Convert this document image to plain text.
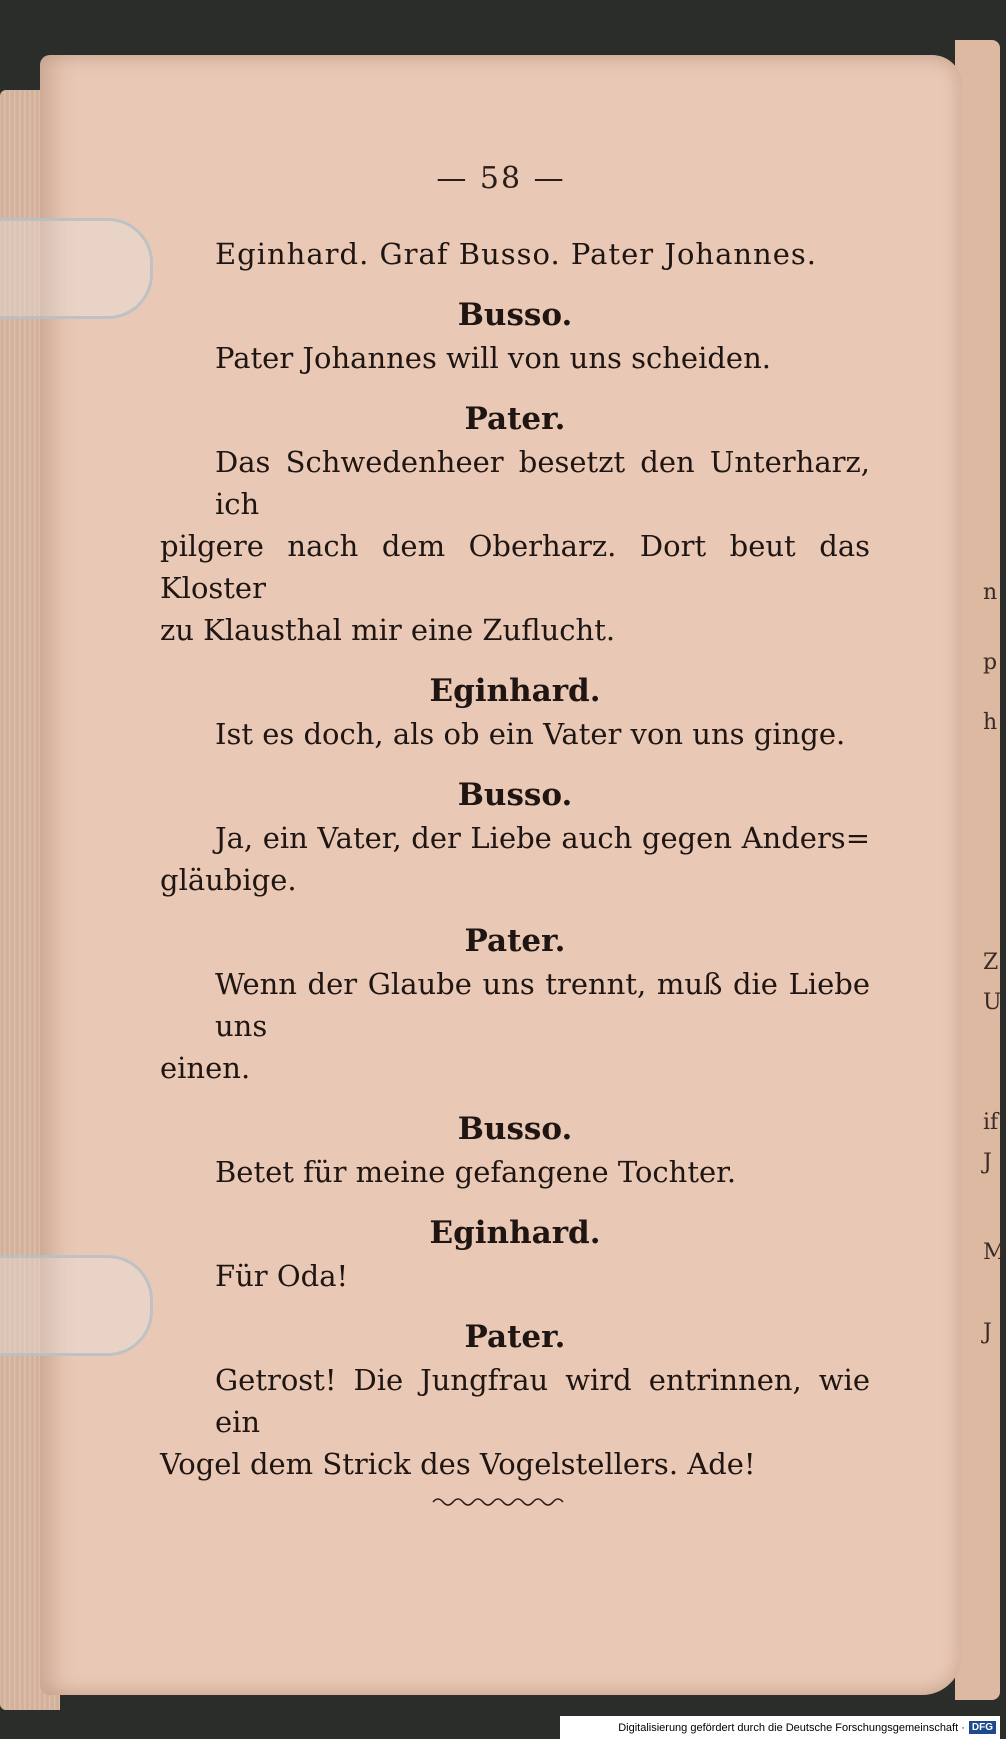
n
p
h
Z
U
if
J
M
J
— 58 —
Eginhard. Graf Busso. Pater Johannes.
Busso.
Pater Johannes will von uns scheiden.
Pater.
Das Schwedenheer besetzt den Unterharz, ich
pilgere nach dem Oberharz. Dort beut das Kloster
zu Klausthal mir eine Zuflucht.
Eginhard.
Ist es doch, als ob ein Vater von uns ginge.
Busso.
Ja, ein Vater, der Liebe auch gegen Anders=
gläubige.
Pater.
Wenn der Glaube uns trennt, muß die Liebe uns
einen.
Busso.
Betet für meine gefangene Tochter.
Eginhard.
Für Oda!
Pater.
Getrost! Die Jungfrau wird entrinnen, wie ein
Vogel dem Strick des Vogelstellers. Ade!
Digitalisierung gefördert durch die Deutsche Forschungsgemeinschaft · DFG
